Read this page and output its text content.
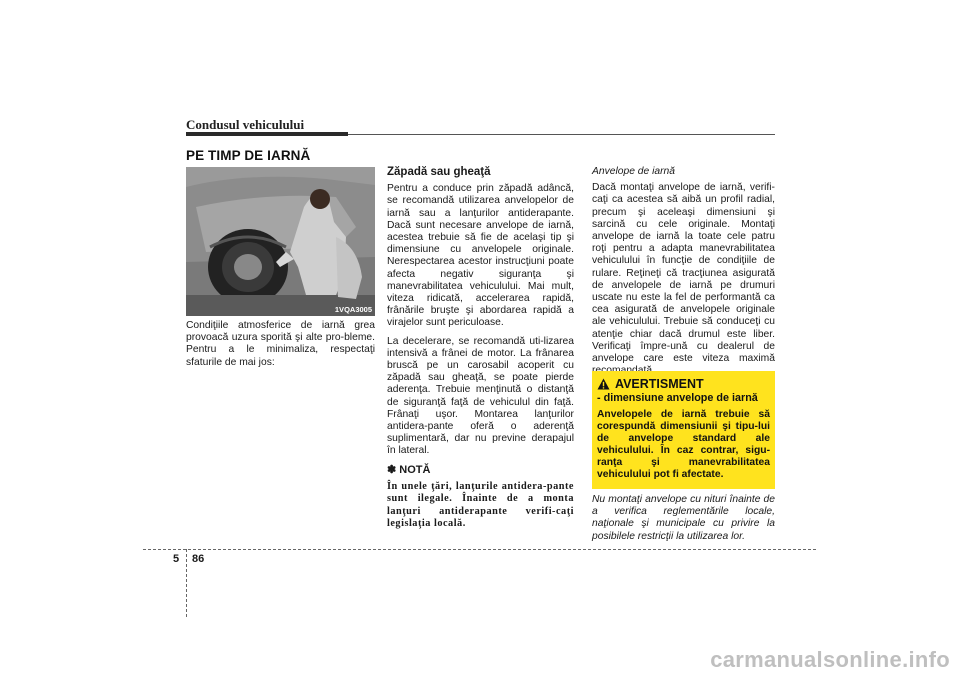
Condusul vehiculului
PE TIMP DE IARNĂ
1VQA3005

Condiţiile atmosferice de iarnă grea provoacă uzura sporită şi alte pro-bleme. Pentru a le minimaliza, respectaţi sfaturile de mai jos:

Zăpadă sau gheaţă

Pentru a conduce prin zăpadă adâncă, se recomandă utilizarea anvelopelor de iarnă sau a lanţurilor antiderapante. Dacă sunt necesare anvelope de iarnă, acestea trebuie să fie de acelaşi tip şi dimensiune cu anvelopele originale. Nerespectarea acestor instrucţiuni poate afecta negativ siguranţa şi manevrabilitatea vehiculului. Mai mult, viteza ridicată, accelerarea rapidă, frânările bruşte şi abordarea rapidă a virajelor sunt periculoase.

La decelerare, se recomandă uti-lizarea intensivă a frânei de motor. La frânarea bruscă pe un carosabil acoperit cu zăpadă sau gheaţă, se poate pierde aderenţa. Trebuie menţinută o distanţă de siguranţă faţă de vehiculul din faţă. Frânaţi uşor. Montarea lanţurilor antidera-pante oferă o aderenţă suplimentară, dar nu previne derapajul în lateral.

✽ NOTĂ
În unele ţări, lanţurile antidera-pante sunt ilegale. Înainte de a monta lanţuri antiderapante verifi-caţi legislaţia locală.
Anvelope de iarnă

Dacă montaţi anvelope de iarnă, verifi-caţi ca acestea să aibă un profil radial, precum şi aceleaşi dimensiuni şi sarcină cu cele originale. Montaţi anvelope de iarnă la toate cele patru roţi pentru a adapta manevrabilitatea vehiculului în funcţie de condiţiile de rulare. Reţineţi că tracţiunea asigurată de anvelopele de iarnă pe drumuri uscate nu este la fel de performantă ca cea asigurată de anvelopele originale ale vehiculului. Trebuie să conduceţi cu atenţie chiar dacă drumul este liber. Verificaţi împre-ună cu dealerul de anvelope care este viteza maximă

AVERTISMENT
- dimensiune anvelope de iarnă
Anvelopele de iarnă trebuie să corespundă dimensiunii şi tipu-lui de anvelope standard ale vehiculului. În caz contrar, sigu-ranţa şi manevrabilitatea vehiculului pot fi afectate.
Nu montaţi anvelope cu nituri înainte de a verifica reglementările locale, naţionale şi municipale cu privire la posibilele restricţii la utilizarea lor.
5 86
carmanualsonline.info
